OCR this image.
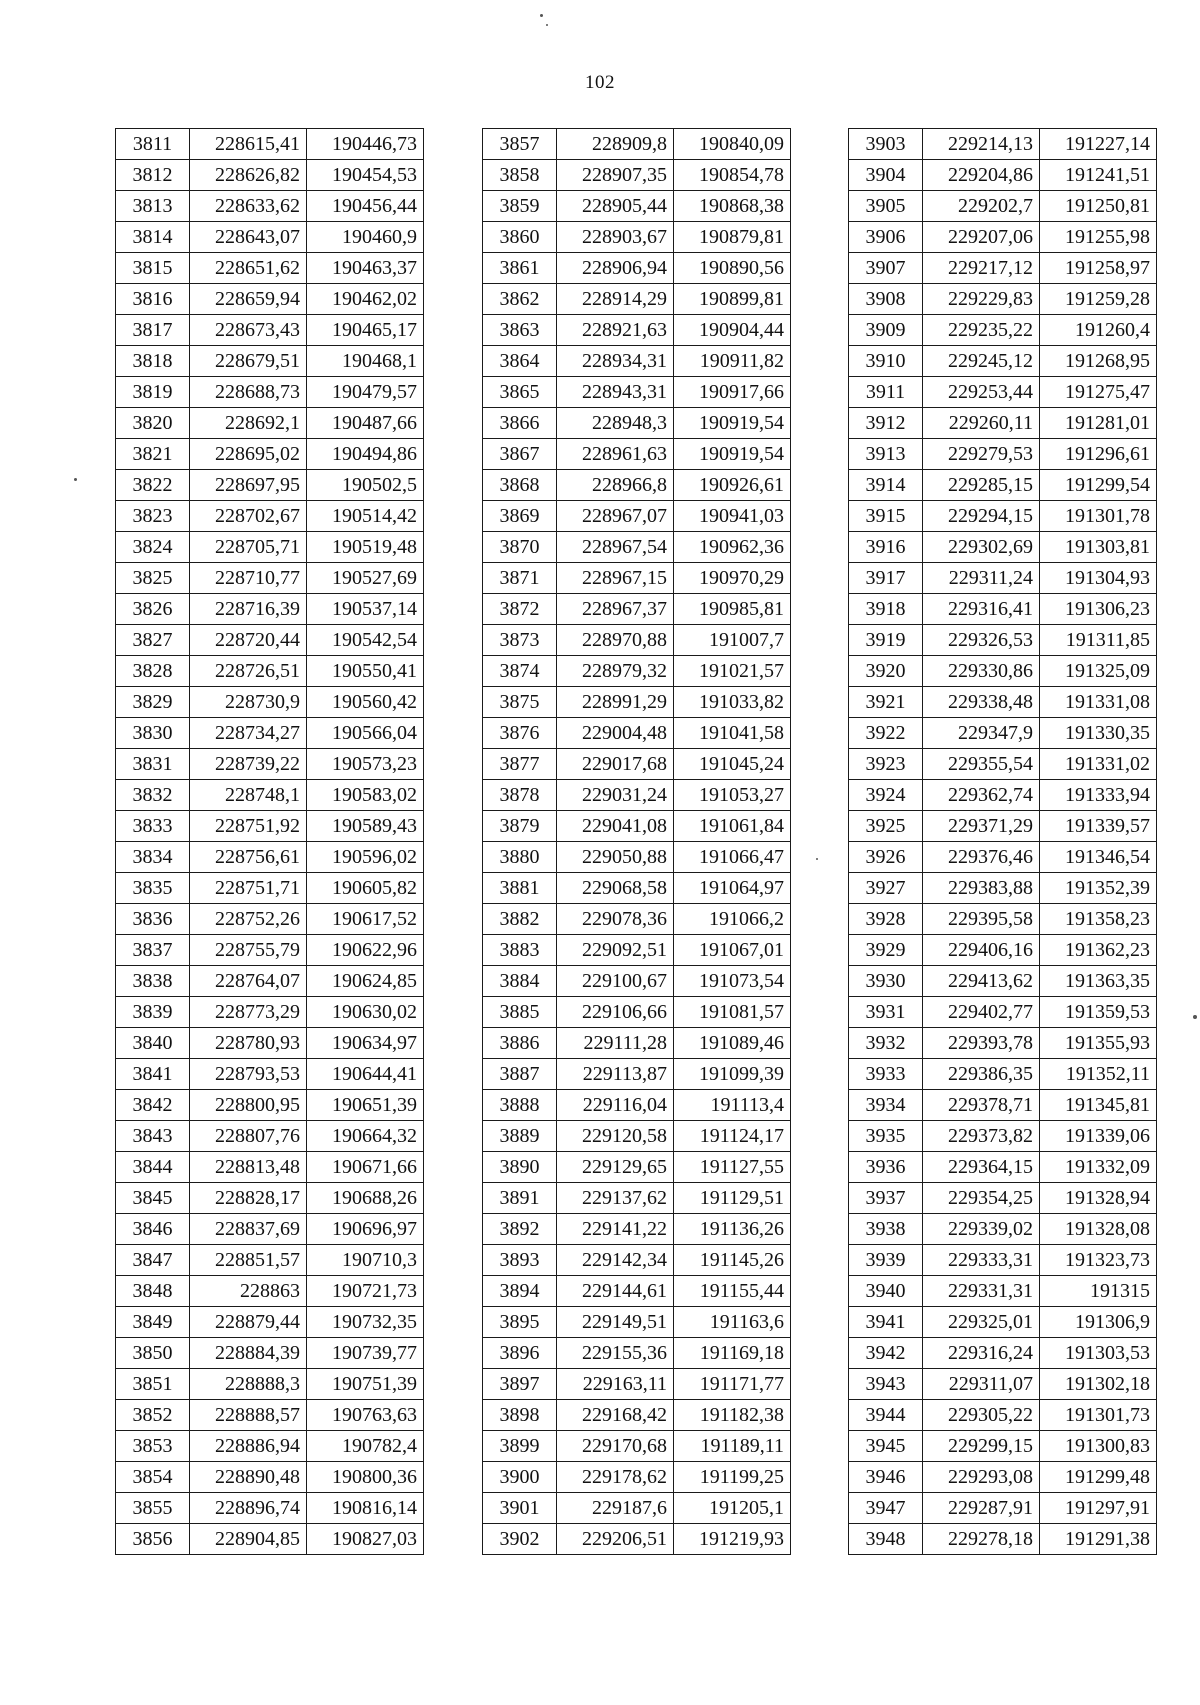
102
3811	228615,41	190446,73
3812	228626,82	190454,53
3813	228633,62	190456,44
3814	228643,07	190460,9
3815	228651,62	190463,37
3816	228659,94	190462,02
3817	228673,43	190465,17
3818	228679,51	190468,1
3819	228688,73	190479,57
3820	228692,1	190487,66
3821	228695,02	190494,86
3822	228697,95	190502,5
3823	228702,67	190514,42
3824	228705,71	190519,48
3825	228710,77	190527,69
3826	228716,39	190537,14
3827	228720,44	190542,54
3828	228726,51	190550,41
3829	228730,9	190560,42
3830	228734,27	190566,04
3831	228739,22	190573,23
3832	228748,1	190583,02
3833	228751,92	190589,43
3834	228756,61	190596,02
3835	228751,71	190605,82
3836	228752,26	190617,52
3837	228755,79	190622,96
3838	228764,07	190624,85
3839	228773,29	190630,02
3840	228780,93	190634,97
3841	228793,53	190644,41
3842	228800,95	190651,39
3843	228807,76	190664,32
3844	228813,48	190671,66
3845	228828,17	190688,26
3846	228837,69	190696,97
3847	228851,57	190710,3
3848	228863	190721,73
3849	228879,44	190732,35
3850	228884,39	190739,77
3851	228888,3	190751,39
3852	228888,57	190763,63
3853	228886,94	190782,4
3854	228890,48	190800,36
3855	228896,74	190816,14
3856	228904,85	190827,03
3857	228909,8	190840,09
3858	228907,35	190854,78
3859	228905,44	190868,38
3860	228903,67	190879,81
3861	228906,94	190890,56
3862	228914,29	190899,81
3863	228921,63	190904,44
3864	228934,31	190911,82
3865	228943,31	190917,66
3866	228948,3	190919,54
3867	228961,63	190919,54
3868	228966,8	190926,61
3869	228967,07	190941,03
3870	228967,54	190962,36
3871	228967,15	190970,29
3872	228967,37	190985,81
3873	228970,88	191007,7
3874	228979,32	191021,57
3875	228991,29	191033,82
3876	229004,48	191041,58
3877	229017,68	191045,24
3878	229031,24	191053,27
3879	229041,08	191061,84
3880	229050,88	191066,47
3881	229068,58	191064,97
3882	229078,36	191066,2
3883	229092,51	191067,01
3884	229100,67	191073,54
3885	229106,66	191081,57
3886	229111,28	191089,46
3887	229113,87	191099,39
3888	229116,04	191113,4
3889	229120,58	191124,17
3890	229129,65	191127,55
3891	229137,62	191129,51
3892	229141,22	191136,26
3893	229142,34	191145,26
3894	229144,61	191155,44
3895	229149,51	191163,6
3896	229155,36	191169,18
3897	229163,11	191171,77
3898	229168,42	191182,38
3899	229170,68	191189,11
3900	229178,62	191199,25
3901	229187,6	191205,1
3902	229206,51	191219,93
3903	229214,13	191227,14
3904	229204,86	191241,51
3905	229202,7	191250,81
3906	229207,06	191255,98
3907	229217,12	191258,97
3908	229229,83	191259,28
3909	229235,22	191260,4
3910	229245,12	191268,95
3911	229253,44	191275,47
3912	229260,11	191281,01
3913	229279,53	191296,61
3914	229285,15	191299,54
3915	229294,15	191301,78
3916	229302,69	191303,81
3917	229311,24	191304,93
3918	229316,41	191306,23
3919	229326,53	191311,85
3920	229330,86	191325,09
3921	229338,48	191331,08
3922	229347,9	191330,35
3923	229355,54	191331,02
3924	229362,74	191333,94
3925	229371,29	191339,57
3926	229376,46	191346,54
3927	229383,88	191352,39
3928	229395,58	191358,23
3929	229406,16	191362,23
3930	229413,62	191363,35
3931	229402,77	191359,53
3932	229393,78	191355,93
3933	229386,35	191352,11
3934	229378,71	191345,81
3935	229373,82	191339,06
3936	229364,15	191332,09
3937	229354,25	191328,94
3938	229339,02	191328,08
3939	229333,31	191323,73
3940	229331,31	191315
3941	229325,01	191306,9
3942	229316,24	191303,53
3943	229311,07	191302,18
3944	229305,22	191301,73
3945	229299,15	191300,83
3946	229293,08	191299,48
3947	229287,91	191297,91
3948	229278,18	191291,38
